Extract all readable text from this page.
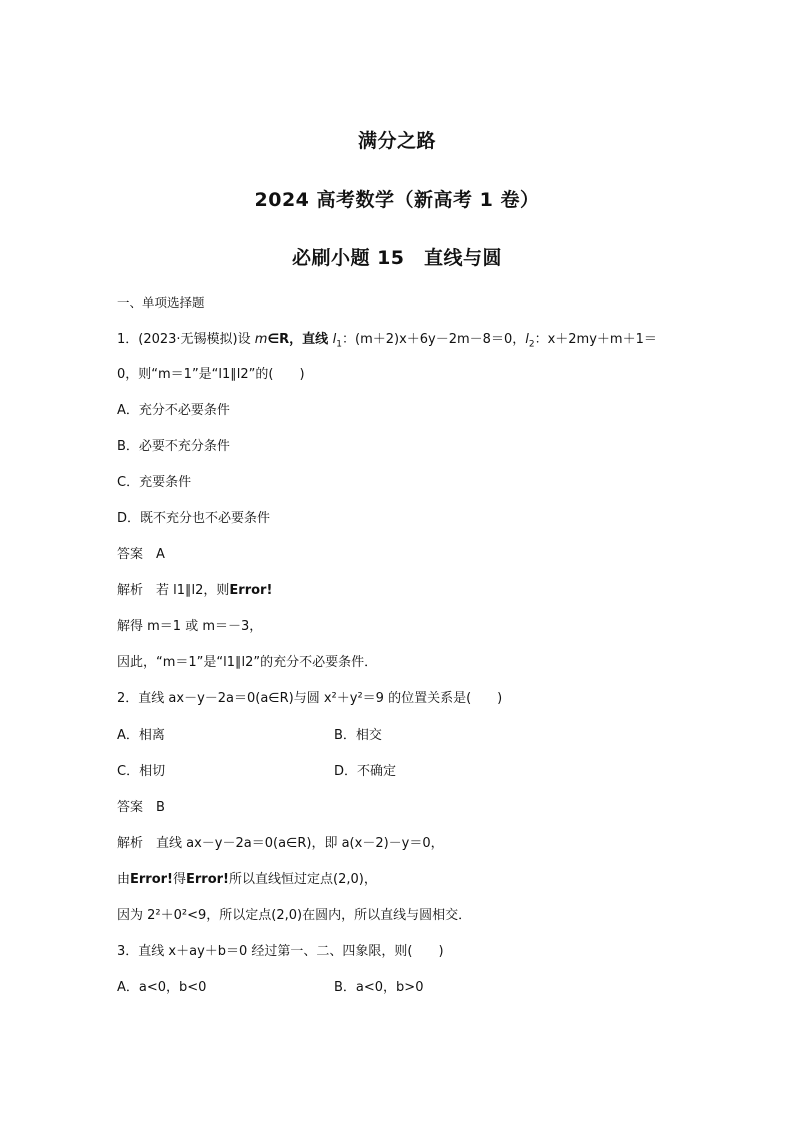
满分之路
2024 高考数学（新高考 1 卷）
必刷小题 15　直线与圆
一、单项选择题
1．(2023·无锡模拟)设 m∈R，直线 $l_1$：(m＋2)x＋6y－2m－8＝0，$l_2$：x＋2my＋m＋1＝
0，则“m＝1”是“l1∥l2”的(　　)
A．充分不必要条件
B．必要不充分条件
C．充要条件
D．既不充分也不必要条件
答案　A
解析　若 l1∥l2，则Error!
解得 m＝1 或 m＝－3，
因此，“m＝1”是“l1∥l2”的充分不必要条件．
2．直线 ax－y－2a＝0(a∈R)与圆 x²＋y²＝9 的位置关系是(　　)
A．相离	B．相交
C．相切	D．不确定
答案　B
解析　直线 ax－y－2a＝0(a∈R)，即 a(x－2)－y＝0，
由Error!得Error!所以直线恒过定点(2,0)，
因为 2²＋0²<9，所以定点(2,0)在圆内，所以直线与圆相交．
3．直线 x＋ay＋b＝0 经过第一、二、四象限，则(　　)
A．a<0，b<0	B．a<0，b>0
